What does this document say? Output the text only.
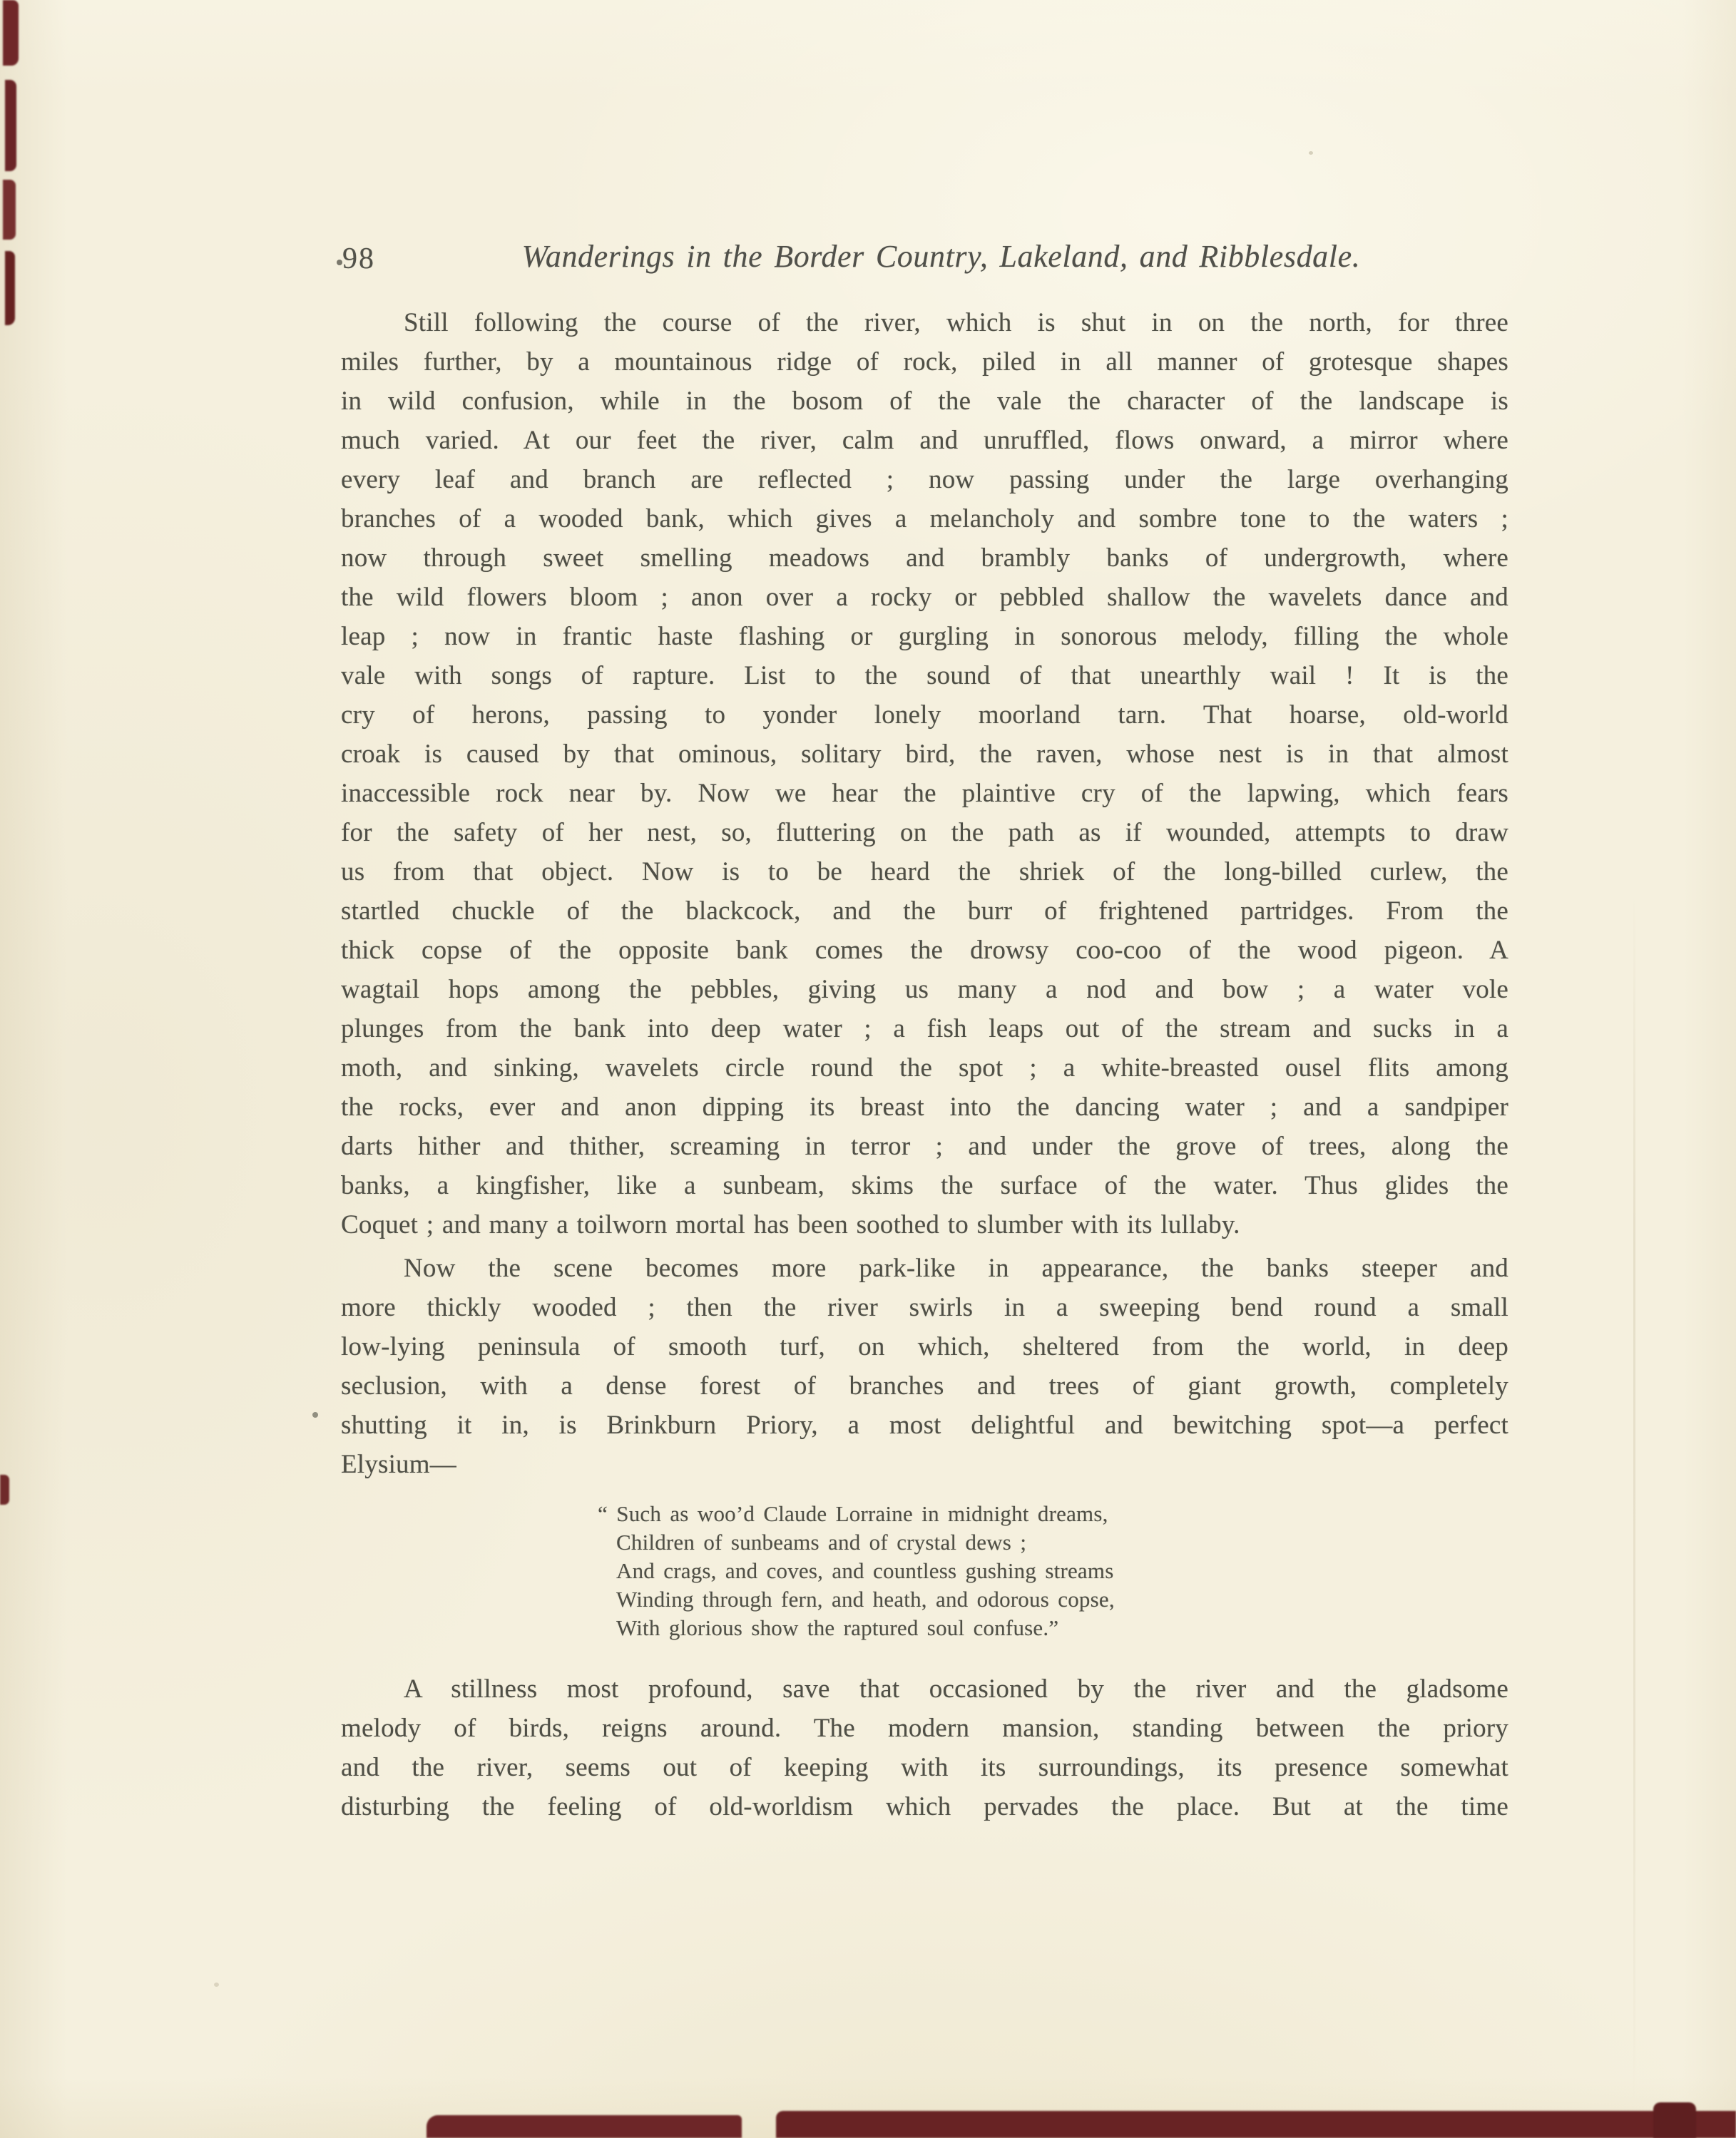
98	Wanderings in the Border Country, Lakeland, and Ribblesdale.
Still following the course of the river, which is shut in on the north, for three
miles further, by a mountainous ridge of rock, piled in all manner of grotesque shapes
in wild confusion, while in the bosom of the vale the character of the landscape is
much varied. At our feet the river, calm and unruffled, flows onward, a mirror where
every leaf and branch are reflected ; now passing under the large overhanging
branches of a wooded bank, which gives a melancholy and sombre tone to the waters ;
now through sweet smelling meadows and brambly banks of undergrowth, where
the wild flowers bloom ; anon over a rocky or pebbled shallow the wavelets dance and
leap ; now in frantic haste flashing or gurgling in sonorous melody, filling the whole
vale with songs of rapture. List to the sound of that unearthly wail ! It is the
cry of herons, passing to yonder lonely moorland tarn. That hoarse, old-world
croak is caused by that ominous, solitary bird, the raven, whose nest is in that almost
inaccessible rock near by. Now we hear the plaintive cry of the lapwing, which fears
for the safety of her nest, so, fluttering on the path as if wounded, attempts to draw
us from that object. Now is to be heard the shriek of the long-billed curlew, the
startled chuckle of the blackcock, and the burr of frightened partridges. From the
thick copse of the opposite bank comes the drowsy coo-coo of the wood pigeon. A
wagtail hops among the pebbles, giving us many a nod and bow ; a water vole
plunges from the bank into deep water ; a fish leaps out of the stream and sucks in a
moth, and sinking, wavelets circle round the spot ; a white-breasted ousel flits among
the rocks, ever and anon dipping its breast into the dancing water ; and a sandpiper
darts hither and thither, screaming in terror ; and under the grove of trees, along the
banks, a kingfisher, like a sunbeam, skims the surface of the water. Thus glides the
Coquet ; and many a toilworn mortal has been soothed to slumber with its lullaby.
Now the scene becomes more park-like in appearance, the banks steeper and
more thickly wooded ; then the river swirls in a sweeping bend round a small
low-lying peninsula of smooth turf, on which, sheltered from the world, in deep
seclusion, with a dense forest of branches and trees of giant growth, completely
shutting it in, is Brinkburn Priory, a most delightful and bewitching spot—a perfect
Elysium—
“ Such as woo’d Claude Lorraine in midnight dreams,
Children of sunbeams and of crystal dews ;
And crags, and coves, and countless gushing streams
Winding through fern, and heath, and odorous copse,
With glorious show the raptured soul confuse.”
A stillness most profound, save that occasioned by the river and the gladsome
melody of birds, reigns around. The modern mansion, standing between the priory
and the river, seems out of keeping with its surroundings, its presence somewhat
disturbing the feeling of old-worldism which pervades the place. But at the time
